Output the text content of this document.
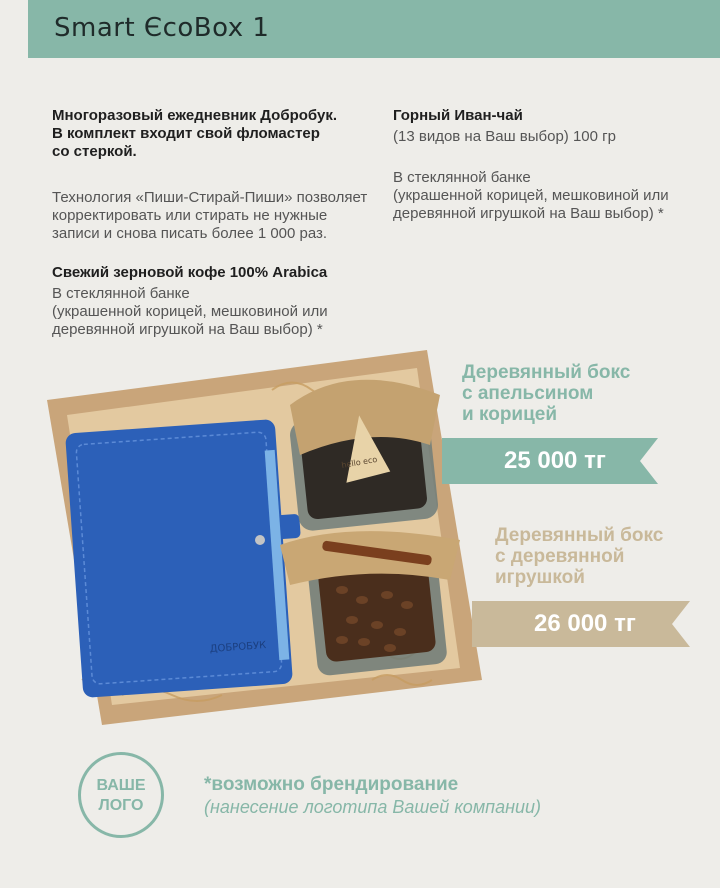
Smart ЄcoBox 1
Многоразовый ежедневник Добробук.
В комплект входит свой фломастер
со стеркой.
Технология «Пиши-Стирай-Пиши» позволяет
корректировать или стирать не нужные
записи и снова писать более 1 000 раз.
Свежий зерновой кофе 100% Arabica
В стеклянной банке
(украшенной корицей, мешковиной или
деревянной игрушкой на Ваш выбор) *
Горный Иван-чай
(13 видов на Ваш выбор) 100 гр
В стеклянной банке
(украшенной корицей, мешковиной или
деревянной игрушкой на Ваш выбор) *
ДОБРОБУК
hello eco
Деревянный бокс
с апельсином
и корицей
25 000 тг
Деревянный бокс
с деревянной
игрушкой
26 000 тг
ВАШЕ
ЛОГО
*возможно брендирование
(нанесение логотипа Вашей компании)
